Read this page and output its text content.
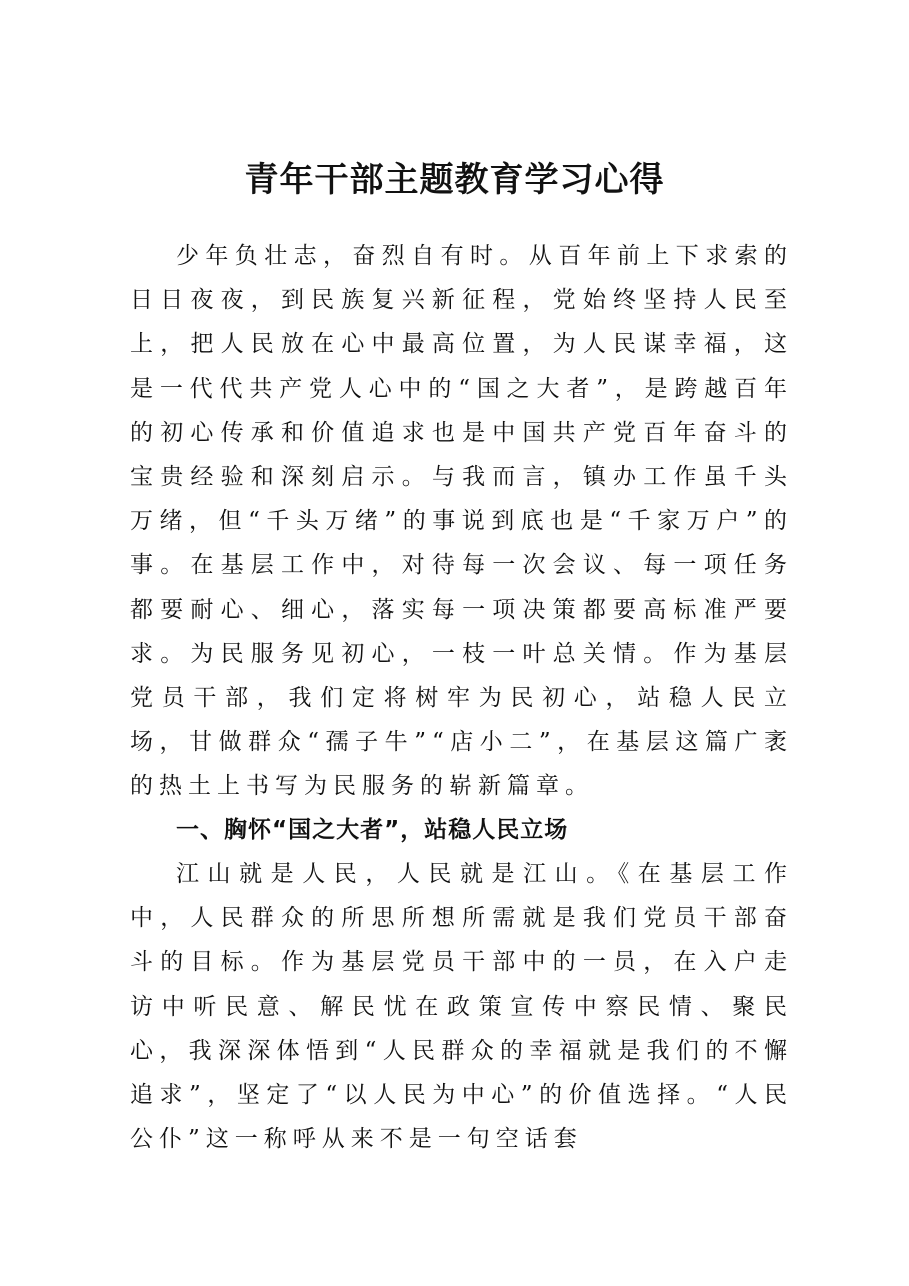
青年干部主题教育学习心得

少年负壮志，奋烈自有时。从百年前上下求索的日日夜夜，到民族复兴新征程，党始终坚持人民至上，把人民放在心中最高位置，为人民谋幸福，这是一代代共产党人心中的“国之大者”，是跨越百年的初心传承和价值追求也是中国共产党百年奋斗的宝贵经验和深刻启示。与我而言，镇办工作虽千头万绪，但“千头万绪”的事说到底也是“千家万户”的事。在基层工作中，对待每一次会议、每一项任务都要耐心、细心，落实每一项决策都要高标准严要求。为民服务见初心，一枝一叶总关情。作为基层党员干部，我们定将树牢为民初心，站稳人民立场，甘做群众“孺子牛”“店小二”，在基层这篇广袤的热土上书写为民服务的崭新篇章。

一、胸怀“国之大者”，站稳人民立场

江山就是人民，人民就是江山。《在基层工作中，人民群众的所思所想所需就是我们党员干部奋斗的目标。作为基层党员干部中的一员，在入户走访中听民意、解民忧在政策宣传中察民情、聚民心，我深深体悟到“人民群众的幸福就是我们的不懈追求”，坚定了“以人民为中心”的价值选择。“人民公仆”这一称呼从来不是一句空话套
